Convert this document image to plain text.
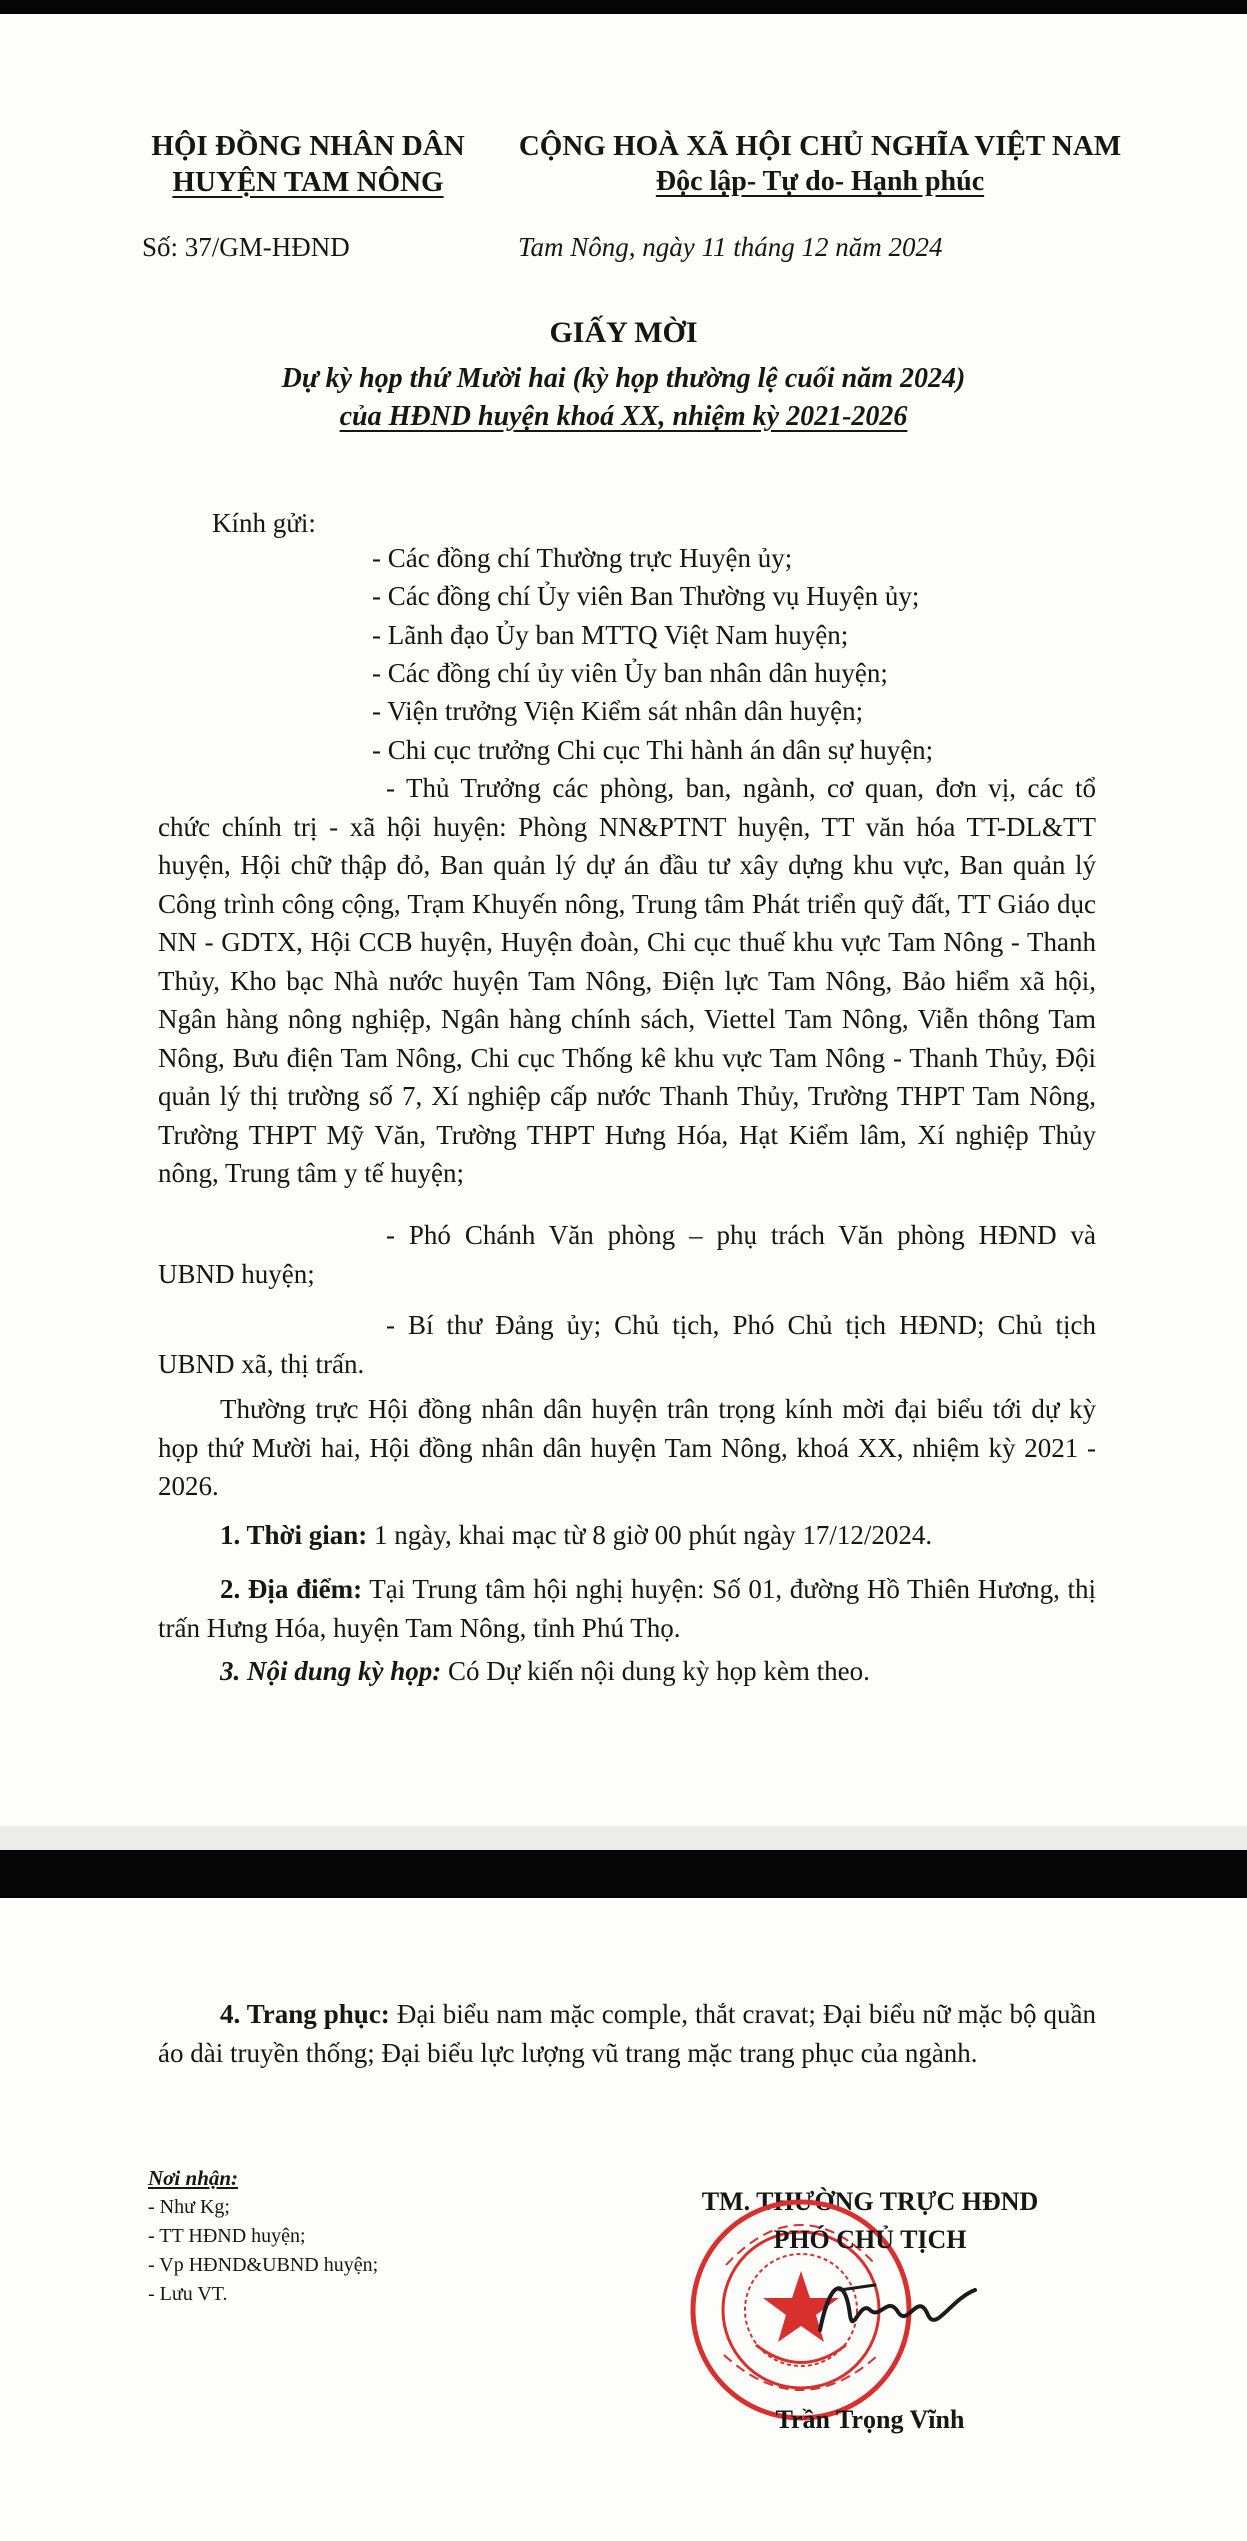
HỘI ĐỒNG NHÂN DÂN
HUYỆN TAM NÔNG
CỘNG HOÀ XÃ HỘI CHỦ NGHĨA VIỆT NAM
Độc lập- Tự do- Hạnh phúc
Số: 37/GM-HĐND	Tam Nông, ngày 11 tháng 12 năm 2024
GIẤY MỜI
Dự kỳ họp thứ Mười hai (kỳ họp thường lệ cuối năm 2024)
của HĐND huyện khoá XX, nhiệm kỳ 2021-2026
Kính gửi:

- Các đồng chí Thường trực Huyện ủy;

- Các đồng chí Ủy viên Ban Thường vụ Huyện ủy;

- Lãnh đạo Ủy ban MTTQ Việt Nam huyện;

- Các đồng chí ủy viên Ủy ban nhân dân huyện;

- Viện trưởng Viện Kiểm sát nhân dân huyện;

- Chi cục trưởng Chi cục Thi hành án dân sự huyện;

- Thủ Trưởng các phòng, ban, ngành, cơ quan, đơn vị, các tổ chức chính trị - xã hội huyện: Phòng NN&PTNT huyện, TT văn hóa TT-DL&TT huyện, Hội chữ thập đỏ, Ban quản lý dự án đầu tư xây dựng khu vực, Ban quản lý Công trình công cộng, Trạm Khuyến nông, Trung tâm Phát triển quỹ đất, TT Giáo dục NN - GDTX, Hội CCB huyện, Huyện đoàn, Chi cục thuế khu vực Tam Nông - Thanh Thủy, Kho bạc Nhà nước huyện Tam Nông, Điện lực Tam Nông, Bảo hiểm xã hội, Ngân hàng nông nghiệp, Ngân hàng chính sách, Viettel Tam Nông, Viễn thông Tam Nông, Bưu điện Tam Nông, Chi cục Thống kê khu vực Tam Nông - Thanh Thủy, Đội quản lý thị trường số 7, Xí nghiệp cấp nước Thanh Thủy, Trường THPT Tam Nông, Trường THPT Mỹ Văn, Trường THPT Hưng Hóa, Hạt Kiểm lâm, Xí nghiệp Thủy nông, Trung tâm y tế huyện;

- Phó Chánh Văn phòng – phụ trách Văn phòng HĐND và UBND huyện;

- Bí thư Đảng ủy; Chủ tịch, Phó Chủ tịch HĐND; Chủ tịch UBND xã, thị trấn.

Thường trực Hội đồng nhân dân huyện trân trọng kính mời đại biểu tới dự kỳ họp thứ Mười hai, Hội đồng nhân dân huyện Tam Nông, khoá XX, nhiệm kỳ 2021 - 2026.

1. Thời gian: 1 ngày, khai mạc từ 8 giờ 00 phút ngày 17/12/2024.

2. Địa điểm: Tại Trung tâm hội nghị huyện: Số 01, đường Hồ Thiên Hương, thị trấn Hưng Hóa, huyện Tam Nông, tỉnh Phú Thọ.

3. Nội dung kỳ họp: Có Dự kiến nội dung kỳ họp kèm theo.

4. Trang phục: Đại biểu nam mặc comple, thắt cravat; Đại biểu nữ mặc bộ quần áo dài truyền thống; Đại biểu lực lượng vũ trang mặc trang phục của ngành.

Nơi nhận:
- Như Kg;
- TT HĐND huyện;
- Vp HĐND&UBND huyện;
- Lưu VT.
TM. THƯỜNG TRỰC HĐND
PHÓ CHỦ TỊCH
Trần Trọng Vĩnh
